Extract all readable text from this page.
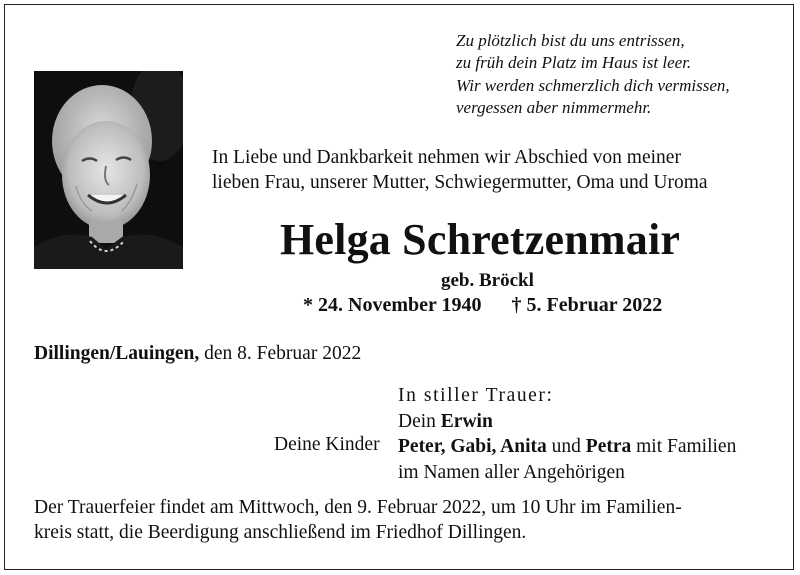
Zu plötzlich bist du uns entrissen,
zu früh dein Platz im Haus ist leer.
Wir werden schmerzlich dich vermissen,
vergessen aber nimmermehr.
In Liebe und Dankbarkeit nehmen wir Abschied von meiner
lieben Frau, unserer Mutter, Schwiegermutter, Oma und Uroma
Helga Schretzenmair
geb. Bröckl
* 24. November 1940 † 5. Februar 2022
Dillingen/Lauingen, den 8. Februar 2022
In stiller Trauer:
Dein Erwin
Peter, Gabi, Anita und Petra mit Familien
im Namen aller Angehörigen
Deine Kinder
Der Trauerfeier findet am Mittwoch, den 9. Februar 2022, um 10 Uhr im Familien-
kreis statt, die Beerdigung anschließend im Friedhof Dillingen.
